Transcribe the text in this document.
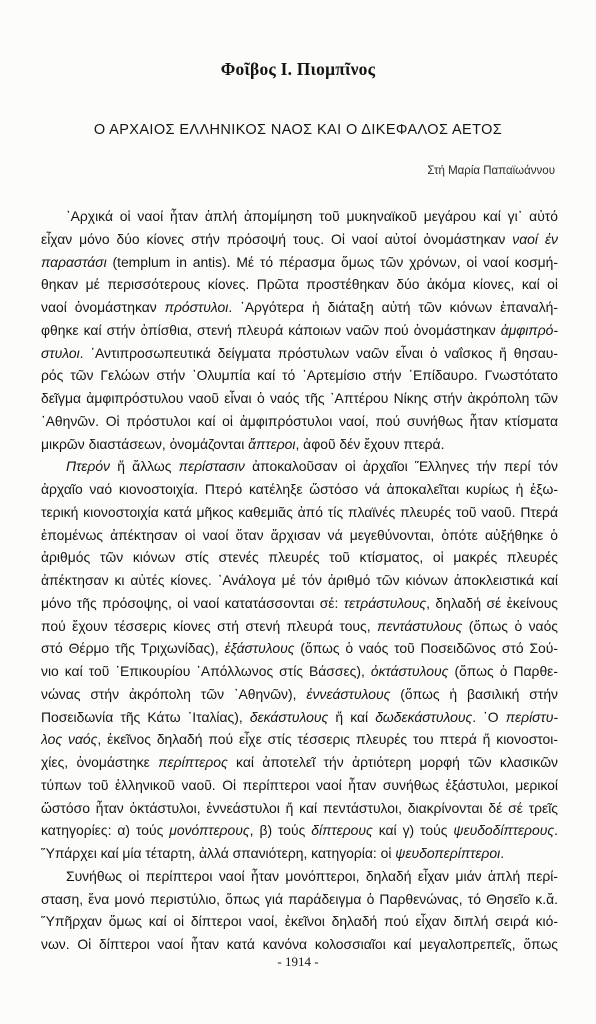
Φοῖβος Ι. Πιομπῖνος
Ο ΑΡΧΑΙΟΣ ΕΛΛΗΝΙΚΟΣ ΝΑΟΣ ΚΑΙ Ο ΔΙΚΕΦΑΛΟΣ ΑΕΤΟΣ
Στή Μαρία Παπαϊωάννου
᾿Αρχικά οἱ ναοί ἦταν ἁπλή ἀπομίμηση τοῦ μυκηναϊκοῦ μεγάρου καί γι᾿ αὐτό
εἶχαν μόνο δύο κίονες στήν πρόσοψή τους. Οἱ ναοί αὐτοί ὀνομάστηκαν ναοί ἐν
παραστάσι (templum in antis). Μέ τό πέρασμα ὅμως τῶν χρόνων, οἱ ναοί κοσμή-
θηκαν μέ περισσότερους κίονες. Πρῶτα προστέθηκαν δύο ἀκόμα κίονες, καί οἱ
ναοί ὀνομάστηκαν πρόστυλοι. ᾿Αργότερα ἡ διάταξη αὐτή τῶν κιόνων ἐπαναλή-
φθηκε καί στήν ὀπίσθια, στενή πλευρά κάποιων ναῶν πού ὀνομάστηκαν ἀμφιπρό-
στυλοι. ᾿Αντιπροσωπευτικά δείγματα πρόστυλων ναῶν εἶναι ὁ ναΐσκος ἤ θησαυ-
ρός τῶν Γελώων στήν ᾿Ολυμπία καί τό ᾿Αρτεμίσιο στήν ᾿Επίδαυρο. Γνωστότατο
δεῖγμα ἀμφιπρόστυλου ναοῦ εἶναι ὁ ναός τῆς ᾿Απτέρου Νίκης στήν ἀκρόπολη τῶν
᾿Αθηνῶν. Οἱ πρόστυλοι καί οἱ ἀμφιπρόστυλοι ναοί, πού συνήθως ἦταν κτίσματα
μικρῶν διαστάσεων, ὀνομάζονται ἄπτεροι, ἀφοῦ δέν ἔχουν πτερά.
Πτερόν ἤ ἄλλως περίστασιν ἀποκαλοῦσαν οἱ ἀρχαῖοι Ἕλληνες τήν περί τόν
ἀρχαῖο ναό κιονοστοιχία. Πτερό κατέληξε ὥστόσο νά ἀποκαλεῖται κυρίως ἡ ἐξω-
τερική κιονοστοιχία κατά μῆκος καθεμιᾶς ἀπό τίς πλαϊνές πλευρές τοῦ ναοῦ. Πτερά
ἐπομένως ἀπέκτησαν οἱ ναοί ὅταν ἄρχισαν νά μεγεθύνονται, ὁπότε αὐξήθηκε ὁ
ἀριθμός τῶν κιόνων στίς στενές πλευρές τοῦ κτίσματος, οἱ μακρές πλευρές
ἀπέκτησαν κι αὐτές κίονες. ᾿Ανάλογα μέ τόν ἀριθμό τῶν κιόνων ἀποκλειστικά καί
μόνο τῆς πρόσοψης, οἱ ναοί κατατάσσονται σέ: τετράστυλους, δηλαδή σέ ἐκείνους
πού ἔχουν τέσσερις κίονες στή στενή πλευρά τους, πεντάστυλους (ὅπως ὁ ναός
στό Θέρμο τῆς Τριχωνίδας), ἑξάστυλους (ὅπως ὁ ναός τοῦ Ποσειδῶνος στό Σού-
νιο καί τοῦ ᾿Επικουρίου ᾿Απόλλωνος στίς Βάσσες), ὀκτάστυλους (ὅπως ὁ Παρθε-
νώνας στήν ἀκρόπολη τῶν ᾿Αθηνῶν), ἐννεάστυλους (ὅπως ἡ βασιλική στήν
Ποσειδωνία τῆς Κάτω ᾿Ιταλίας), δεκάστυλους ἤ καί δωδεκάστυλους. ῾Ο περίστυ-
λος ναός, ἐκεῖνος δηλαδή πού εἶχε στίς τέσσερις πλευρές του πτερά ἤ κιονοστοι-
χίες, ὀνομάστηκε περίπτερος καί ἀποτελεῖ τήν ἀρτιότερη μορφή τῶν κλασικῶν
τύπων τοῦ ἑλληνικοῦ ναοῦ. Οἱ περίπτεροι ναοί ἦταν συνήθως ἑξάστυλοι, μερικοί
ὥστόσο ἦταν ὀκτάστυλοι, ἐννεάστυλοι ἤ καί πεντάστυλοι, διακρίνονται δέ σέ τρεῖς
κατηγορίες: α) τούς μονόπτερους, β) τούς δίπτερους καί γ) τούς ψευδοδίπτερους.
῞Υπάρχει καί μία τέταρτη, ἀλλά σπανιότερη, κατηγορία: οἱ ψευδοπερίπτεροι.
Συνήθως οἱ περίπτεροι ναοί ἦταν μονόπτεροι, δηλαδή εἶχαν μιάν ἁπλή περί-
σταση, ἕνα μονό περιστύλιο, ὅπως γιά παράδειγμα ὁ Παρθενώνας, τό Θησεῖο κ.ἄ.
῞Υπῆρχαν ὅμως καί οἱ δίπτεροι ναοί, ἐκεῖνοι δηλαδή πού εἶχαν διπλή σειρά κιό-
νων. Οἱ δίπτεροι ναοί ἦταν κατά κανόνα κολοσσιαῖοι καί μεγαλοπρεπεῖς, ὅπως
- 1914 -
